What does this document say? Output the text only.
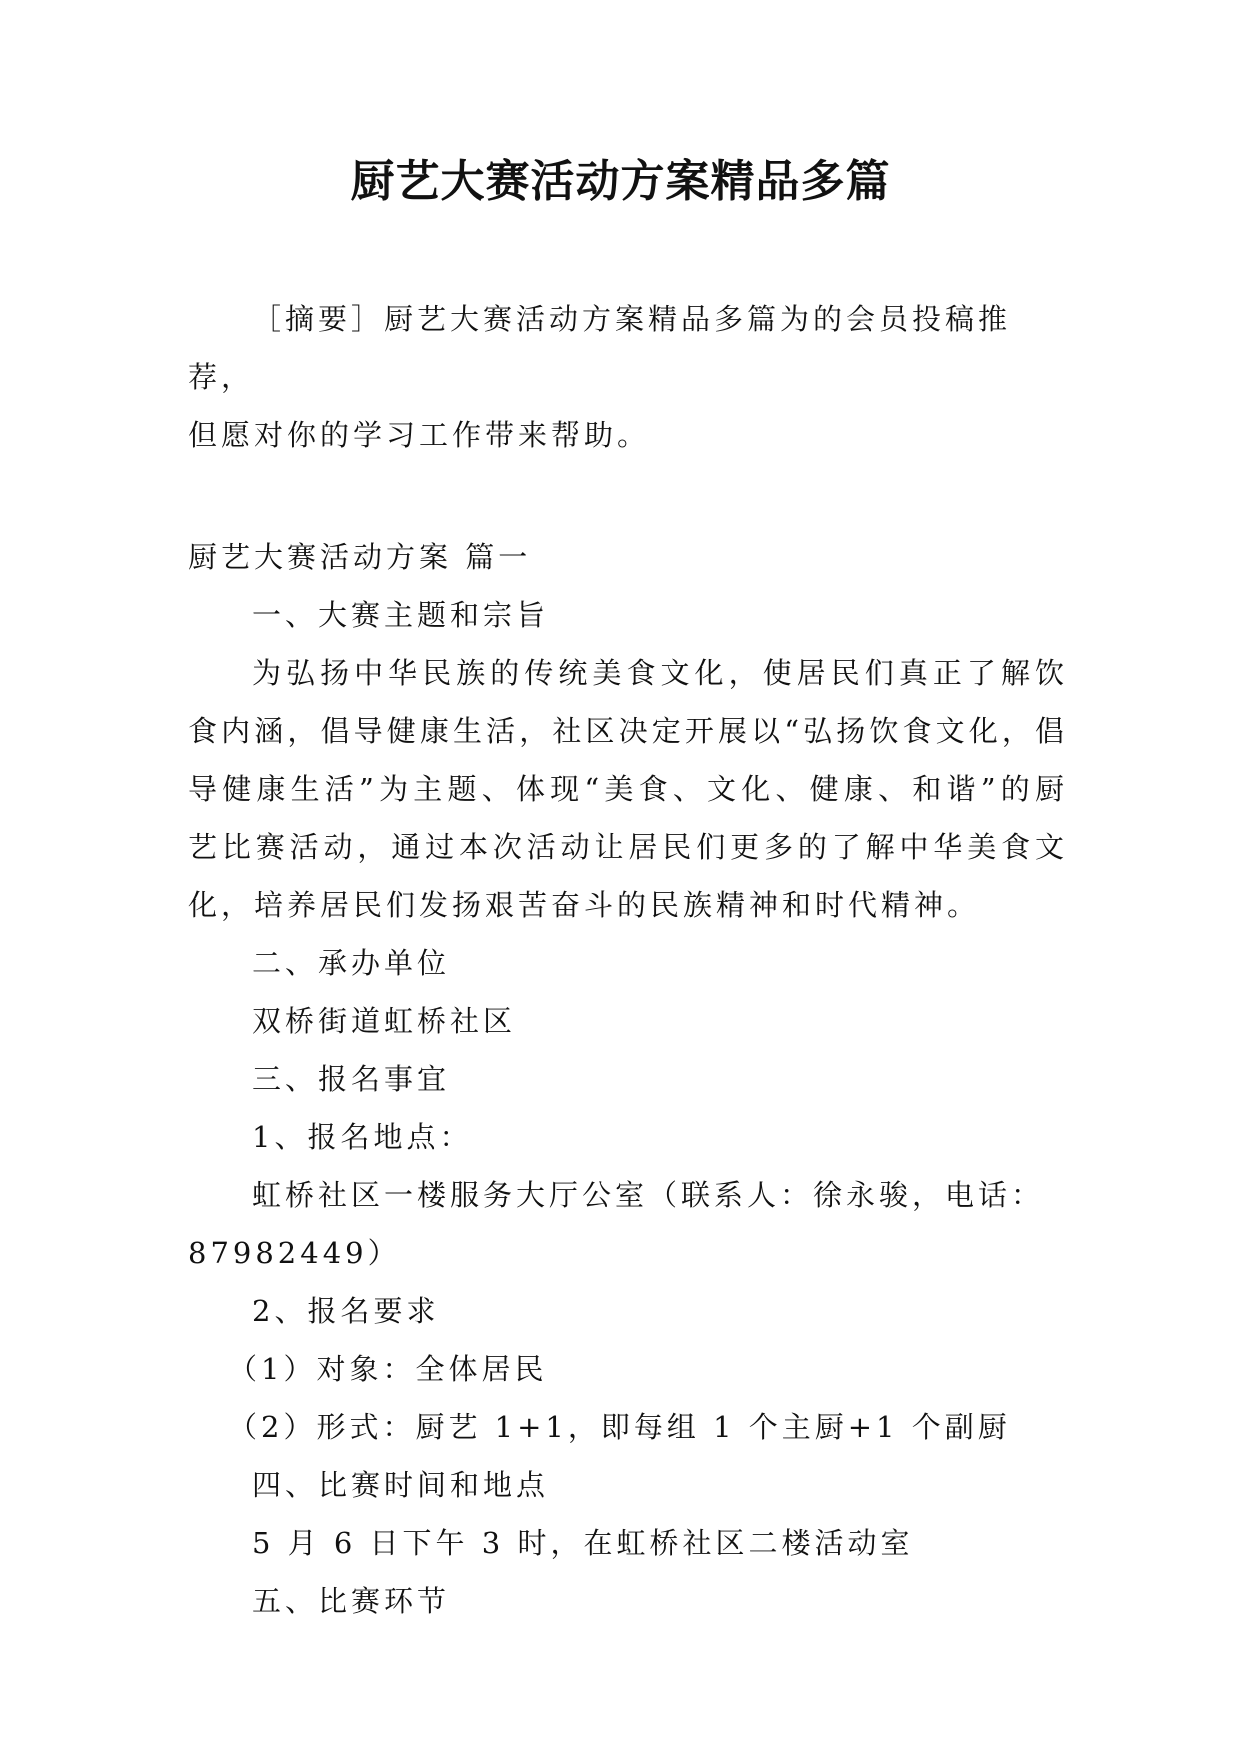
厨艺大赛活动方案精品多篇

［摘要］厨艺大赛活动方案精品多篇为的会员投稿推荐，

但愿对你的学习工作带来帮助。

厨艺大赛活动方案 篇一

一、大赛主题和宗旨

为弘扬中华民族的传统美食文化，使居民们真正了解饮食内涵，倡导健康生活，社区决定开展以“弘扬饮食文化，倡导健康生活”为主题、体现“美食、文化、健康、和谐”的厨艺比赛活动，通过本次活动让居民们更多的了解中华美食文化，培养居民们发扬艰苦奋斗的民族精神和时代精神。

二、承办单位

双桥街道虹桥社区

三、报名事宜

1、报名地点：

虹桥社区一楼服务大厅公室（联系人：徐永骏，电话：87982449）

2、报名要求

（1）对象：全体居民

（2）形式：厨艺 1+1，即每组 1 个主厨+1 个副厨

四、比赛时间和地点

5 月 6 日下午 3 时，在虹桥社区二楼活动室

五、比赛环节
